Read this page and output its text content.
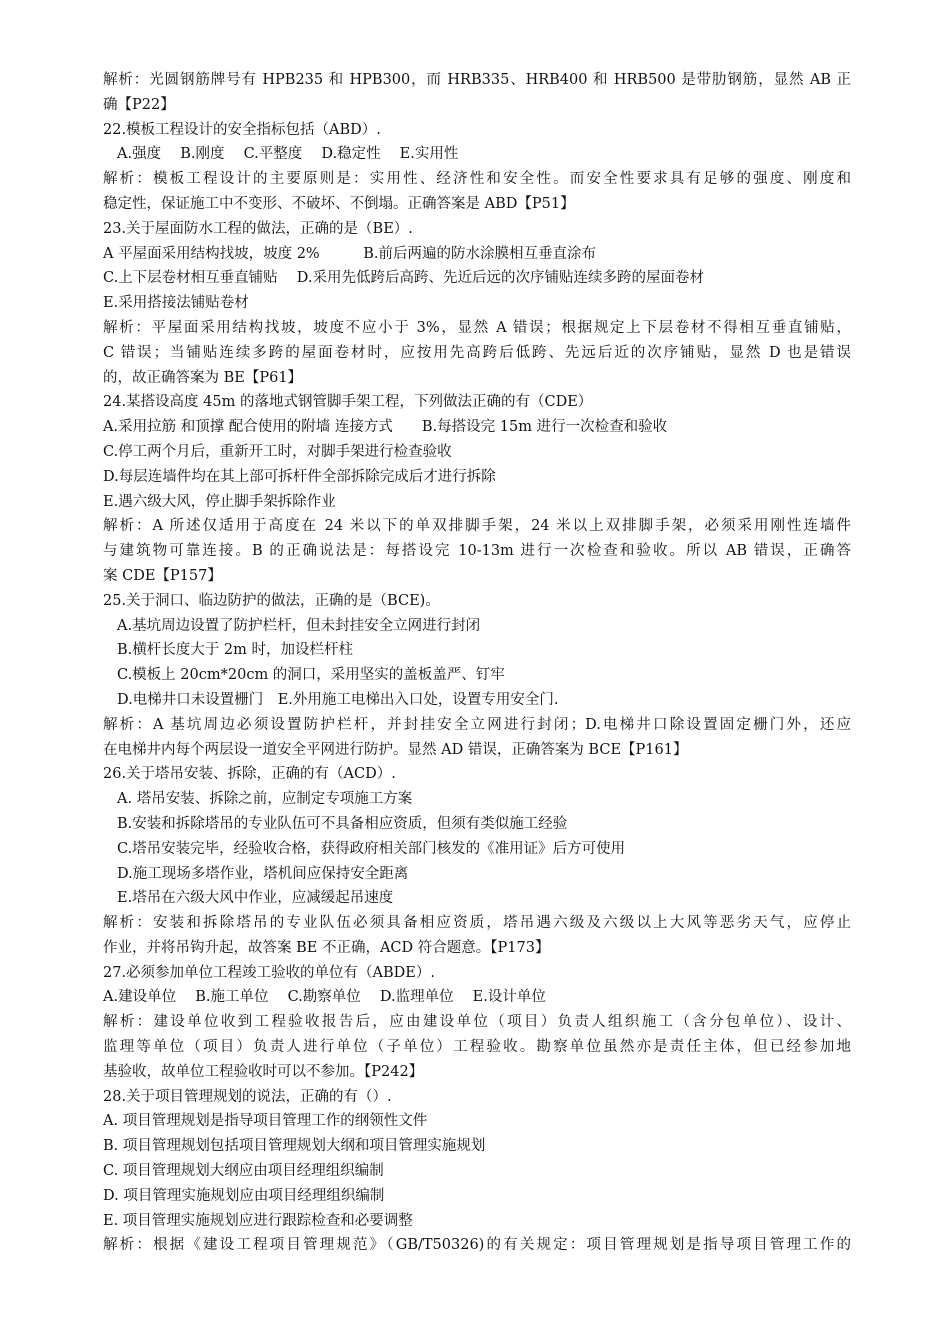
解析：光圆钢筋牌号有 HPB235 和 HPB300，而 HRB335、HRB400 和 HRB500 是带肋钢筋，显然 AB 正
确【P22】
22.模板工程设计的安全指标包括（ABD）.
A.强度　 B.刚度　 C.平整度　 D.稳定性　 E.实用性
解析：模板工程设计的主要原则是：实用性、经济性和安全性。而安全性要求具有足够的强度、刚度和
稳定性，保证施工中不变形、不破坏、不倒塌。正确答案是 ABD【P51】
23.关于屋面防水工程的做法，正确的是（BE）.
A 平屋面采用结构找坡，坡度 2%　　　B.前后两遍的防水涂膜相互垂直涂布
C.上下层卷材相互垂直铺贴　 D.采用先低跨后高跨、先近后远的次序铺贴连续多跨的屋面卷材
E.采用搭接法铺贴卷材
解析：平屋面采用结构找坡，坡度不应小于 3%，显然 A 错误；根据规定上下层卷材不得相互垂直铺贴，
C 错误；当铺贴连续多跨的屋面卷材时，应按用先高跨后低跨、先远后近的次序铺贴，显然 D 也是错误
的，故正确答案为 BE【P61】
24.某搭设高度 45m 的落地式钢管脚手架工程，下列做法正确的有（CDE）
A.采用拉筋 和顶撑 配合使用的附墙 连接方式　　B.每搭设完 15m 进行一次检查和验收
C.停工两个月后，重新开工时，对脚手架进行检查验收
D.每层连墙件均在其上部可拆杆件全部拆除完成后才进行拆除
E.遇六级大风，停止脚手架拆除作业
解析：A 所述仅适用于高度在 24 米以下的单双排脚手架，24 米以上双排脚手架，必须采用刚性连墙件
与建筑物可靠连接。B 的正确说法是：每搭设完 10-13m 进行一次检查和验收。所以 AB 错误，正确答
案 CDE【P157】
25.关于洞口、临边防护的做法，正确的是（BCE)。
A.基坑周边设置了防护栏杆，但未封挂安全立网进行封闭
B.横杆长度大于 2m 时，加设栏杆柱
C.模板上 20cm*20cm 的洞口，采用坚实的盖板盖严、钉牢
D.电梯井口未设置栅门　E.外用施工电梯出入口处，设置专用安全门.
解析：A 基坑周边必须设置防护栏杆，并封挂安全立网进行封闭；D.电梯井口除设置固定栅门外，还应
在电梯井内每个两层设一道安全平网进行防护。显然 AD 错误，正确答案为 BCE【P161】
26.关于塔吊安装、拆除，正确的有（ACD）.
A. 塔吊安装、拆除之前，应制定专项施工方案
B.安装和拆除塔吊的专业队伍可不具备相应资质，但须有类似施工经验
C.塔吊安装完毕，经验收合格，获得政府相关部门核发的《准用证》后方可使用
D.施工现场多塔作业，塔机间应保持安全距离
E.塔吊在六级大风中作业，应减缓起吊速度
解析：安装和拆除塔吊的专业队伍必须具备相应资质，塔吊遇六级及六级以上大风等恶劣天气，应停止
作业，并将吊钩升起，故答案 BE 不正确，ACD 符合题意。【P173】
27.必须参加单位工程竣工验收的单位有（ABDE）.
A.建设单位　 B.施工单位　 C.勘察单位　 D.监理单位　 E.设计单位
解析：建设单位收到工程验收报告后，应由建设单位（项目）负责人组织施工（含分包单位）、设计、
监理等单位（项目）负责人进行单位（子单位）工程验收。勘察单位虽然亦是责任主体，但已经参加地
基验收，故单位工程验收时可以不参加。【P242】
28.关于项目管理规划的说法，正确的有（）.
A. 项目管理规划是指导项目管理工作的纲领性文件
B. 项目管理规划包括项目管理规划大纲和项目管理实施规划
C. 项目管理规划大纲应由项目经理组织编制
D. 项目管理实施规划应由项目经理组织编制
E. 项目管理实施规划应进行跟踪检查和必要调整
解析：根据《建设工程项目管理规范》（GB/T50326)的有关规定：项目管理规划是指导项目管理工作的
